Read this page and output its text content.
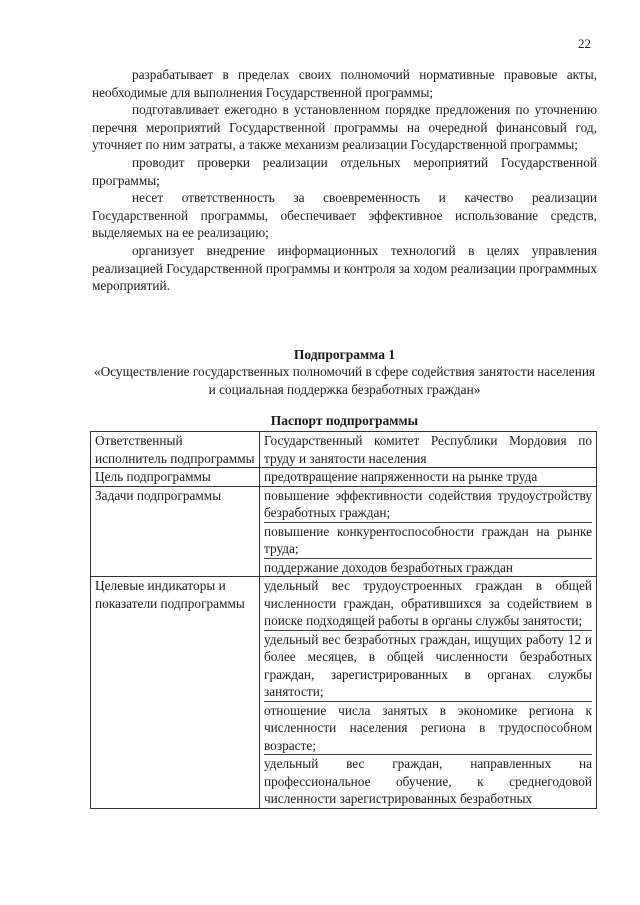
22

разрабатывает в пределах своих полномочий нормативные правовые акты, необходимые для выполнения Государственной программы;

подготавливает ежегодно в установленном порядке предложения по уточнению перечня мероприятий Государственной программы на очередной финансовый год, уточняет по ним затраты, а также механизм реализации Государственной программы;

проводит проверки реализации отдельных мероприятий Государственной программы;

несет ответственность за своевременность и качество реализации Государственной программы, обеспечивает эффективное использование средств, выделяемых на ее реализацию;

организует внедрение информационных технологий в целях управления реализацией Государственной программы и контроля за ходом реализации программных мероприятий.

Подпрограмма 1
«Осуществление государственных полномочий в сфере содействия занятости населения и социальная поддержка безработных граждан»
Паспорт подпрограммы
Ответственный исполнитель подпрограммы	Государственный комитет Республики Мордовия по труду и занятости населения

Цель подпрограммы	предотвращение напряженности на рынке труда

Задачи подпрограммы	повышение эффективности содействия трудоустройству безработных граждан;
повышение конкурентоспособности граждан на рынке труда;
поддержание доходов безработных граждан

Целевые индикаторы и показатели подпрограммы	удельный вес трудоустроенных граждан в общей численности граждан, обратившихся за содействием в поиске подходящей работы в органы службы занятости;
удельный вес безработных граждан, ищущих работу 12 и более месяцев, в общей численности безработных граждан, зарегистрированных в органах службы занятости;
отношение числа занятых в экономике региона к численности населения региона в трудоспособном возрасте;
удельный вес граждан, направленных на профессиональное обучение, к среднегодовой численности зарегистрированных безработных
